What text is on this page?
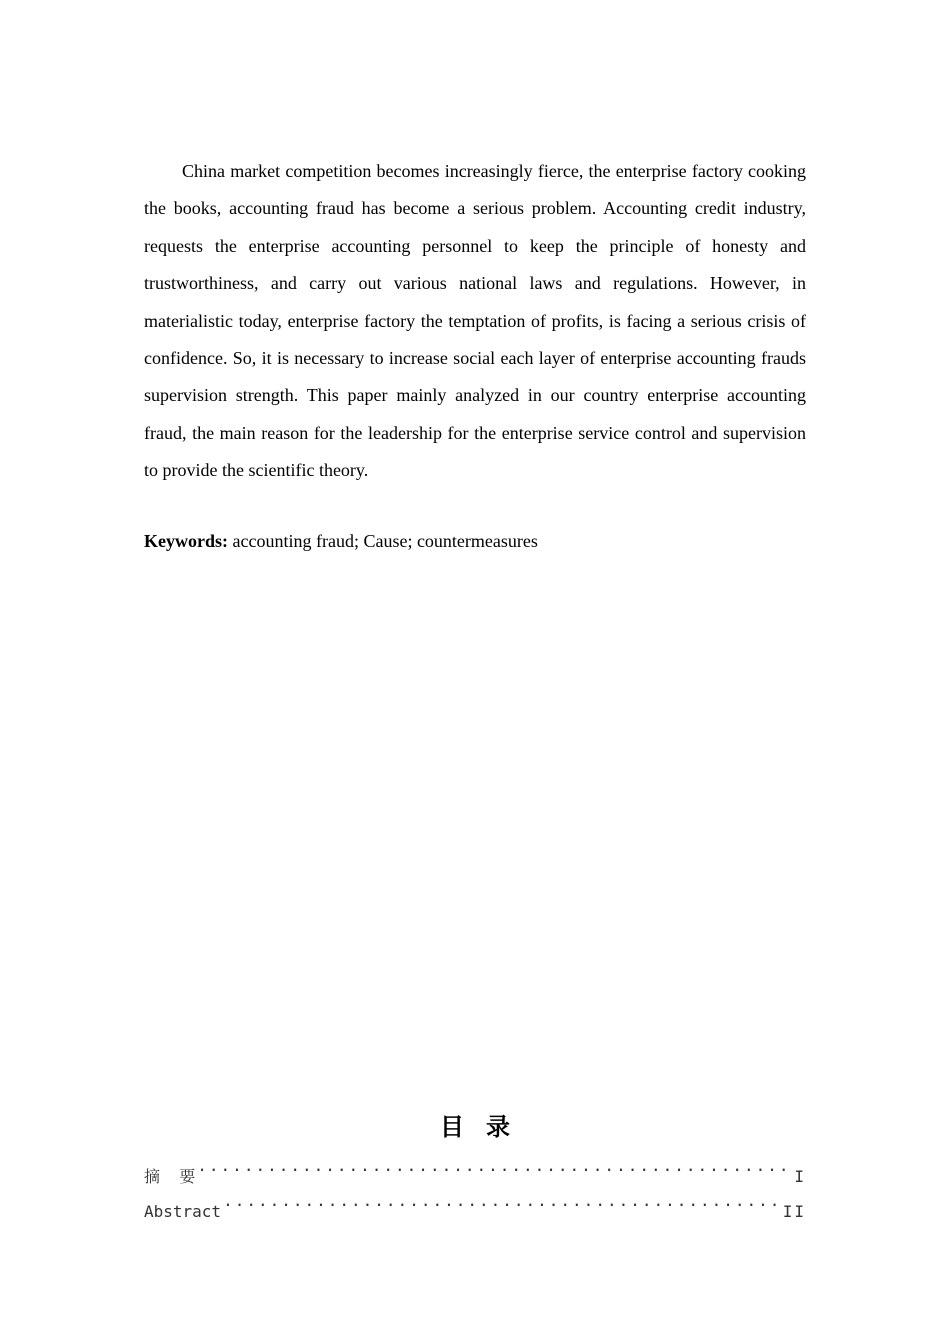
China market competition becomes increasingly fierce, the enterprise factory cooking the books, accounting fraud has become a serious problem. Accounting credit industry, requests the enterprise accounting personnel to keep the principle of honesty and trustworthiness, and carry out various national laws and regulations. However, in materialistic today, enterprise factory the temptation of profits, is facing a serious crisis of confidence. So, it is necessary to increase social each layer of enterprise accounting frauds supervision strength. This paper mainly analyzed in our country enterprise accounting fraud, the main reason for the leadership for the enterprise service control and supervision to provide the scientific theory.

Keywords: accounting fraud; Cause; countermeasures

目录
摘  要 .....	I
Abstract .....	II
